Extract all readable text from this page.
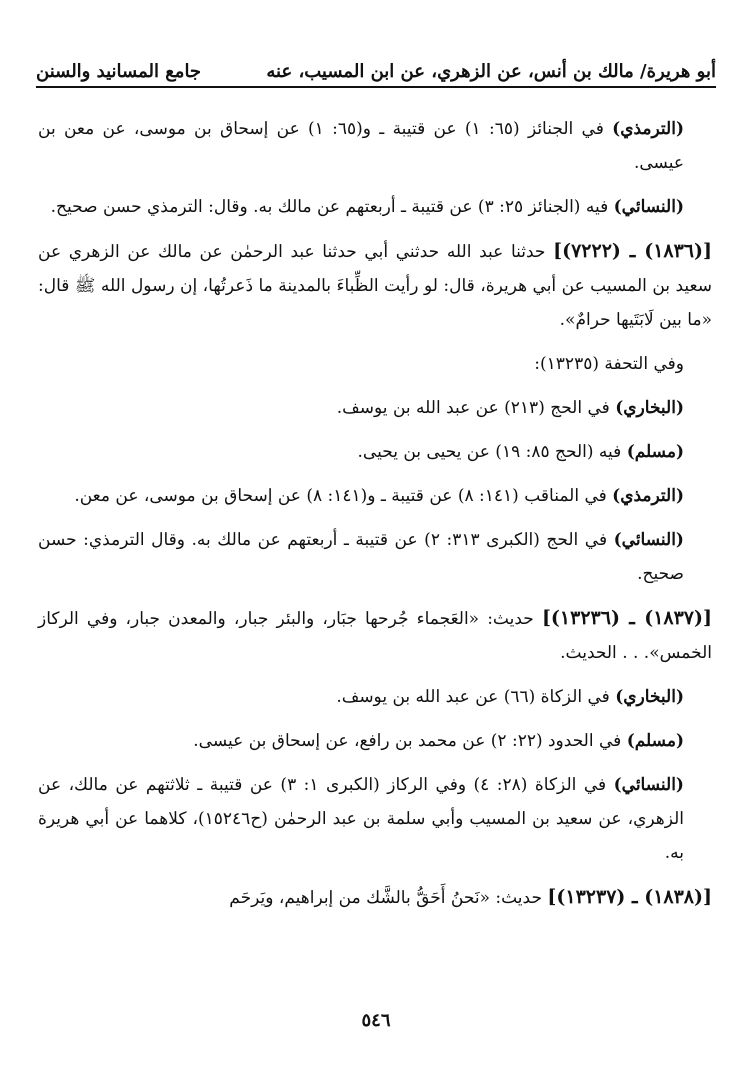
أبو هريرة/ مالك بن أنس، عن الزهري، عن ابن المسيب، عنه
جامع المسانيد والسنن

(الترمذي) في الجنائز (٦٥: ١) عن قتيبة ـ و(٦٥: ١) عن إسحاق بن موسى، عن معن بن عيسى.

(النسائي) فيه (الجنائز ٢٥: ٣) عن قتيبة ـ أربعتهم عن مالك به. وقال: الترمذي حسن صحيح.

[(١٨٣٦) ـ (٧٢٢٢)] حدثنا عبد الله حدثني أبي حدثنا عبد الرحمٰن عن مالك عن الزهري عن سعيد بن المسيب عن أبي هريرة، قال: لو رأيت الظِّباءَ بالمدينة ما ذَعرتُها، إن رسول الله ﷺ قال: «ما بين لَابَتَيها حرامٌ».

وفي التحفة (١٣٢٣٥):

(البخاري) في الحج (٢١٣) عن عبد الله بن يوسف.

(مسلم) فيه (الحج ٨٥: ١٩) عن يحيى بن يحيى.

(الترمذي) في المناقب (١٤١: ٨) عن قتيبة ـ و(١٤١: ٨) عن إسحاق بن موسى، عن معن.

(النسائي) في الحج (الكبرى ٣١٣: ٢) عن قتيبة ـ أربعتهم عن مالك به. وقال الترمذي: حسن صحيح.

[(١٨٣٧) ـ (١٣٢٣٦)] حديث: «العَجماء جُرحها جبَار، والبئر جبار، والمعدن جبار، وفي الركاز الخمس». . . الحديث.

(البخاري) في الزكاة (٦٦) عن عبد الله بن يوسف.

(مسلم) في الحدود (٢٢: ٢) عن محمد بن رافع، عن إسحاق بن عيسى.

(النسائي) في الزكاة (٢٨: ٤) وفي الركاز (الكبرى ١: ٣) عن قتيبة ـ ثلاثتهم عن مالك، عن الزهري، عن سعيد بن المسيب وأبي سلمة بن عبد الرحمٰن (ح١٥٢٤٦)، كلاهما عن أبي هريرة به.

[(١٨٣٨) ـ (١٣٢٣٧)] حديث: «نَحنُ أَحَقُّ بالشَّك من إبراهيم، ويَرحَم

٥٤٦
